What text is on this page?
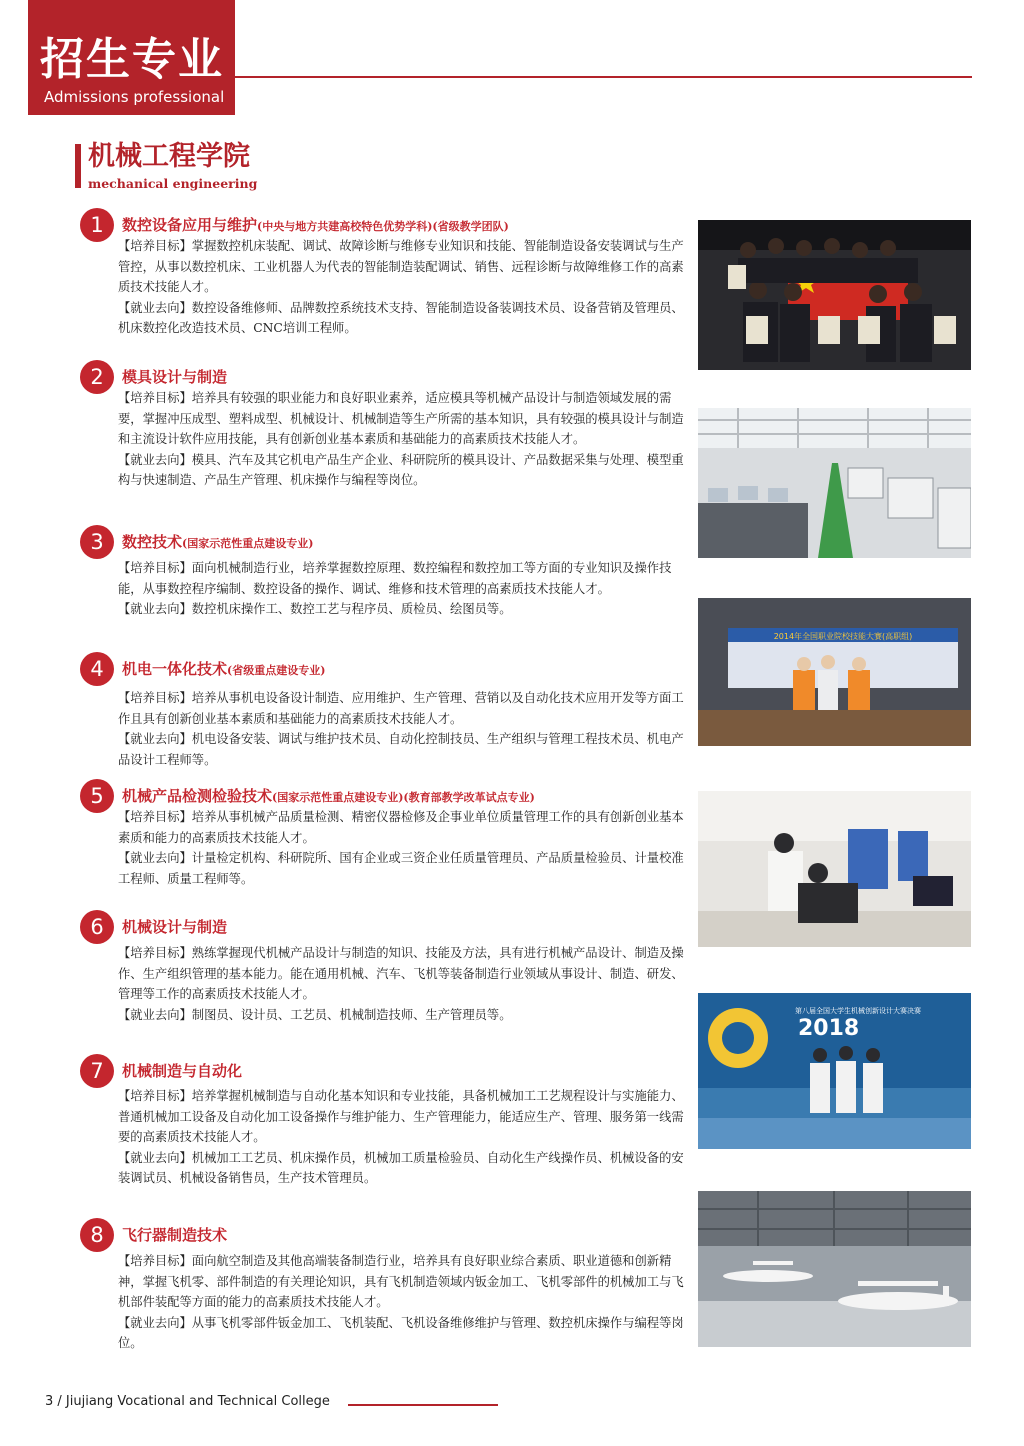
招生专业
Admissions professional
机械工程学院
mechanical engineering
1	数控设备应用与维护(中央与地方共建高校特色优势学科)(省级教学团队)

【培养目标】掌握数控机床装配、调试、故障诊断与维修专业知识和技能、智能制造设备安装调试与生产管控，从事以数控机床、工业机器人为代表的智能制造装配调试、销售、远程诊断与故障维修工作的高素质技术技能人才。

【就业去向】数控设备维修师、品牌数控系统技术支持、智能制造设备装调技术员、设备营销及管理员、机床数控化改造技术员、CNC培训工程师。

2	模具设计与制造

【培养目标】培养具有较强的职业能力和良好职业素养，适应模具等机械产品设计与制造领域发展的需要，掌握冲压成型、塑料成型、机械设计、机械制造等生产所需的基本知识，具有较强的模具设计与制造和主流设计软件应用技能，具有创新创业基本素质和基础能力的高素质技术技能人才。

【就业去向】模具、汽车及其它机电产品生产企业、科研院所的模具设计、产品数据采集与处理、模型重构与快速制造、产品生产管理、机床操作与编程等岗位。

3	数控技术(国家示范性重点建设专业)

【培养目标】面向机械制造行业，培养掌握数控原理、数控编程和数控加工等方面的专业知识及操作技能，从事数控程序编制、数控设备的操作、调试、维修和技术管理的高素质技术技能人才。

【就业去向】数控机床操作工、数控工艺与程序员、质检员、绘图员等。

4	机电一体化技术(省级重点建设专业)

【培养目标】培养从事机电设备设计制造、应用维护、生产管理、营销以及自动化技术应用开发等方面工作且具有创新创业基本素质和基础能力的高素质技术技能人才。

【就业去向】机电设备安装、调试与维护技术员、自动化控制技员、生产组织与管理工程技术员、机电产品设计工程师等。

5	机械产品检测检验技术(国家示范性重点建设专业)(教育部教学改革试点专业)

【培养目标】培养从事机械产品质量检测、精密仪器检修及企事业单位质量管理工作的具有创新创业基本素质和能力的高素质技术技能人才。

【就业去向】计量检定机构、科研院所、国有企业或三资企业任质量管理员、产品质量检验员、计量校准工程师、质量工程师等。

6	机械设计与制造

【培养目标】熟练掌握现代机械产品设计与制造的知识、技能及方法，具有进行机械产品设计、制造及操作、生产组织管理的基本能力。能在通用机械、汽车、飞机等装备制造行业领域从事设计、制造、研发、管理等工作的高素质技术技能人才。

【就业去向】制图员、设计员、工艺员、机械制造技师、生产管理员等。

7	机械制造与自动化

【培养目标】培养掌握机械制造与自动化基本知识和专业技能，具备机械加工工艺规程设计与实施能力、普通机械加工设备及自动化加工设备操作与维护能力、生产管理能力，能适应生产、管理、服务第一线需要的高素质技术技能人才。

【就业去向】机械加工工艺员、机床操作员，机械加工质量检验员、自动化生产线操作员、机械设备的安装调试员、机械设备销售员，生产技术管理员。

8	飞行器制造技术

【培养目标】面向航空制造及其他高端装备制造行业，培养具有良好职业综合素质、职业道德和创新精神，掌握飞机零、部件制造的有关理论知识，具有飞机制造领域内钣金加工、飞机零部件的机械加工与飞机部件装配等方面的能力的高素质技术技能人才。

【就业去向】从事飞机零部件钣金加工、飞机装配、飞机设备维修维护与管理、数控机床操作与编程等岗位。

2014年全国职业院校技能大赛(高职组)
2018
第八届全国大学生机械创新设计大赛决赛
3 / Jiujiang Vocational and Technical College
